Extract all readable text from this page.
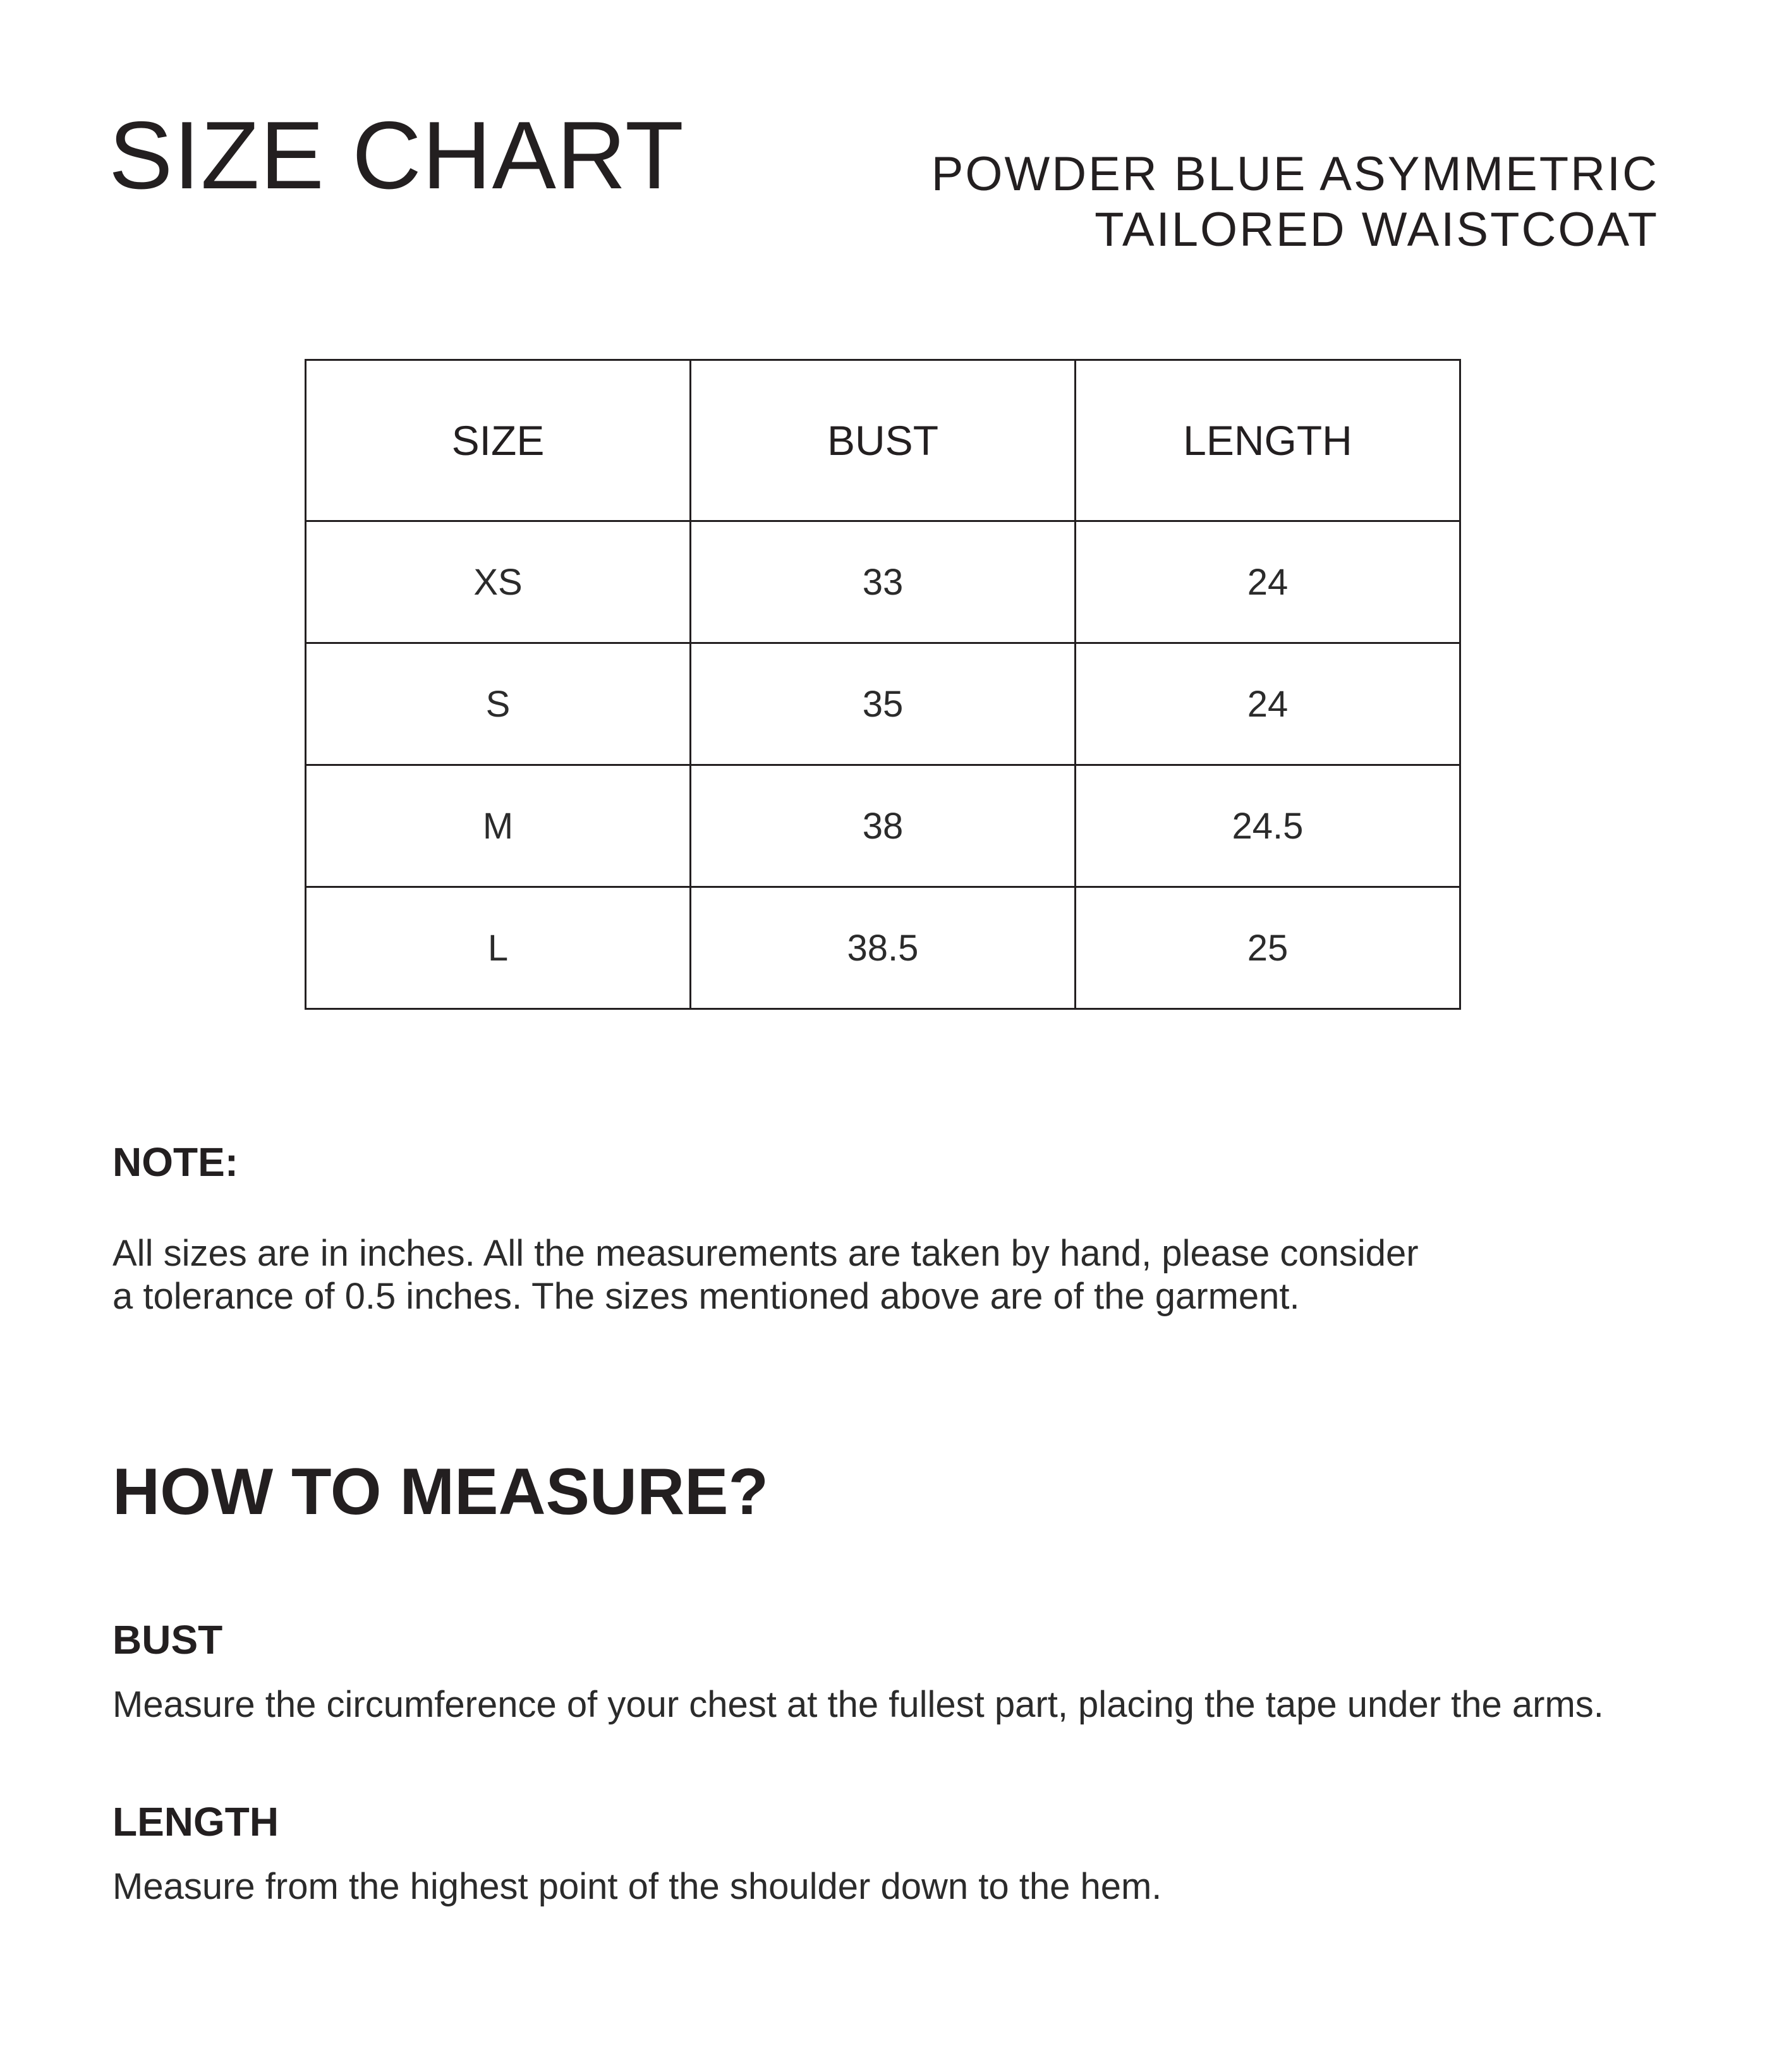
SIZE CHART	POWDER BLUE ASYMMETRIC
TAILORED WAISTCOAT
SIZE	BUST	LENGTH
XS	33	24
S	35	24
M	38	24.5
L	38.5	25
NOTE:

All sizes are in inches. All the measurements are taken by hand, please consider
a tolerance of 0.5 inches. The sizes mentioned above are of the garment.

HOW TO MEASURE?
BUST

Measure the circumference of your chest at the fullest part, placing the tape under the arms.

LENGTH

Measure from the highest point of the shoulder down to the hem.
